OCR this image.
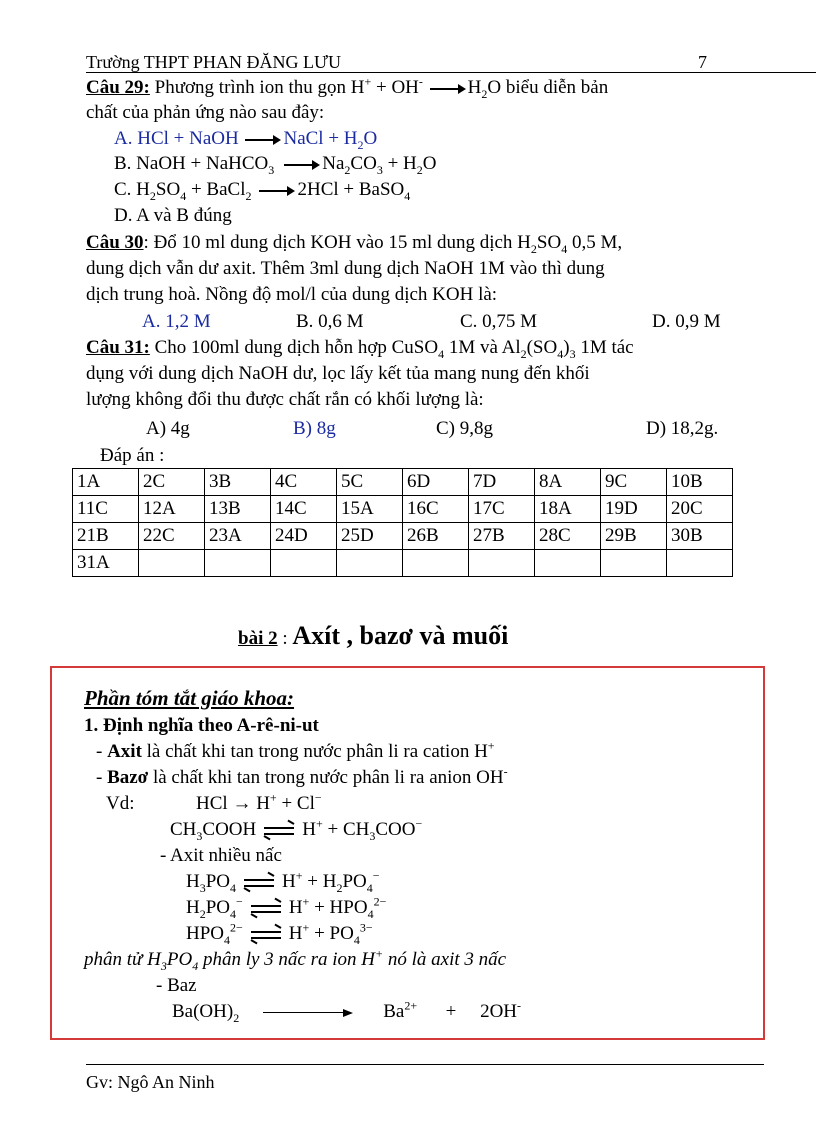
Trường THPT PHAN ĐĂNG LƯU	7
Câu 29: Phương trình ion thu gọn H+ + OH- $H_2O$ biểu diễn bản
chất của phản ứng nào sau đây:
A. HCl + NaOH NaCl + $H_2O$
B. NaOH + NaHCO$_3$	$Na_2CO_3 + H_2O$
C. $H_2SO_4$ + BaCl$_2$ 2HCl + BaSO$_4$
D. A và B đúng
Câu 30: Đổ 10 ml dung dịch KOH vào 15 ml dung dịch $H_2SO_4$ 0,5 M,
dung dịch vẫn dư axit. Thêm 3ml dung dịch NaOH 1M vào thì dung
dịch trung hoà. Nồng độ mol/l của dung dịch KOH là:
A. 1,2 M	B. 0,6 M	C. 0,75 M	D. 0,9 M
Câu 31: Cho 100ml dung dịch hỗn hợp CuSO$_4$ 1M và $Al_2(SO_4)_3$ 1M tác
dụng với dung dịch NaOH dư, lọc lấy kết tủa mang nung đến khối
lượng không đổi thu được chất rắn có khối lượng là:
A) 4g	B) 8g	C) 9,8g	D) 18,2g.
Đáp án :
1A	2C	3B	4C	5C	6D	7D	8A	9C	10B
11C	12A	13B	14C	15A	16C	17C	18A	19D	20C
21B	22C	23A	24D	25D	26B	27B	28C	29B	30B
31A									
bài 2 : Axít , bazơ và muối
Phần tóm tắt giáo khoa:
1. Định nghĩa theo A-rê-ni-ut
- Axit là chất khi tan trong nước phân li ra cation H+
- Bazơ là chất khi tan trong nước phân li ra anion OH-
Vd:	HCl → H+ + Cl−
$CH_3COOH$ $H^+ + CH_3COO^-$
- Axit nhiều nấc
$H_3PO_4$ $H^+ + H_2PO_4^-$
$H_2PO_4^-$ $H^+ + HPO_4^{2-}$
$HPO_4^{2-}$ $H^+ + PO_4^{3-}$
phân tử $H_3PO_4$ phân ly 3 nấc ra ion H+ nó là axit 3 nấc
- Baz
$Ba(OH)_2$	$Ba^{2+} + 2OH^-$
Gv: Ngô An Ninh
